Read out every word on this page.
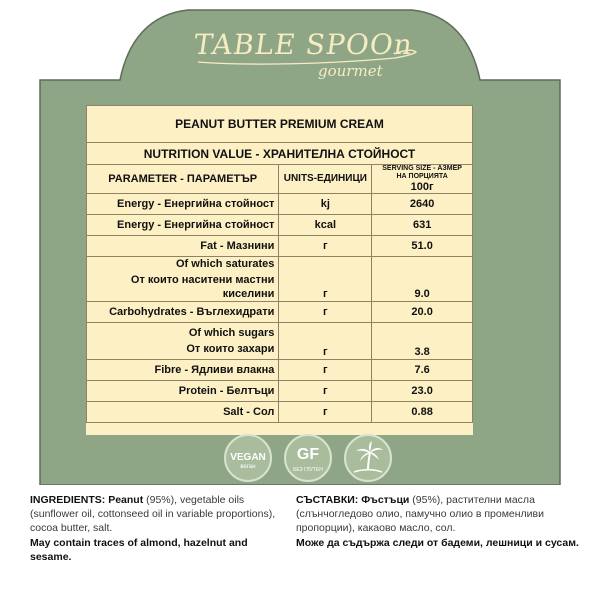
TABLE SPOOn
gourmet
PEANUT BUTTER PREMIUM CREAM		
NUTRITION VALUE - ХРАНИТЕЛНА СТОЙНОСТ		
PARAMETER - ПАРАМЕТЪР	UNITS-ЕДИНИЦИ	SERVING SIZE - АЗМЕР НА ПОРЦИЯТА
100г

Energy - Енергийна стойност	kj	2640
Energy - Енергийна стойност	kcal	631
Fat - Мазнини	г	51.0

Of which saturates
От които наситени мастни киселини	г	9.0
Carbohydrates - Въглехидрати	г	20.0

Of which sugars
От които захари	г	3.8
Fibre - Ядливи влакна	г	7.6
Protein - Белтъци	г	23.0
Salt - Сол	г	0.88
VEGAN
веган
GF
БЕЗ ГЛУТЕН
INGREDIENTS: Peanut (95%), vegetable oils (sunflower oil, cottonseed oil in variable proportions), cocoa butter, salt.
May contain traces of almond, hazelnut and sesame.
СЪСТАВКИ: Фъстъци (95%), растителни масла (слънчогледово олио, памучно олио в променливи пропорции), какаово масло, сол.
Може да съдържа следи от бадеми, лешници и сусам.
